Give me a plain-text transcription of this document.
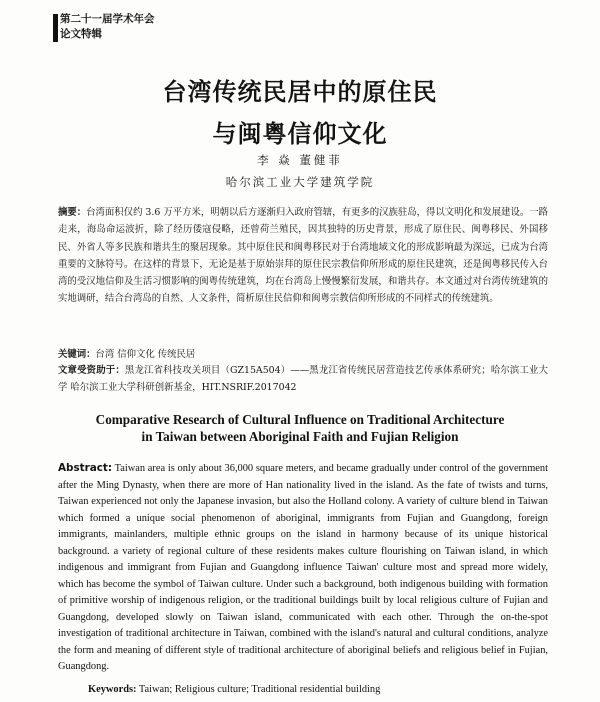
第二十一届学术年会
论文特辑
台湾传统民居中的原住民
与闽粤信仰文化
李 焱 董健菲
哈尔滨工业大学建筑学院
摘要：台湾面积仅约 3.6 万平方米，明朝以后方逐渐归入政府管辖，有更多的汉族驻岛，得以文明化和发展建设。一路走来，海岛命运波折，除了经历倭寇侵略，还曾荷兰殖民，因其独特的历史背景，形成了原住民、闽粤移民、外国移民、外省人等多民族和谐共生的聚居现象。其中原住民和闽粤移民对于台湾地域文化的形成影响最为深远，已成为台湾重要的文脉符号。在这样的背景下，无论是基于原始崇拜的原住民宗教信仰所形成的原住民建筑，还是闽粤移民传入台湾的受汉地信仰及生活习惯影响的闽粤传统建筑，均在台湾岛上慢慢繁衍发展，和谐共存。本文通过对台湾传统建筑的实地调研，结合台湾岛的自然、人文条件，简析原住民信仰和闽粤宗教信仰所形成的不同样式的传统建筑。
关键词：台湾 信仰文化 传统民居
文章受资助于：黑龙江省科技攻关项目（GZ15A504）——黑龙江省传统民居营造技艺传承体系研究；哈尔滨工业大学 哈尔滨工业大学科研创新基金，HIT.NSRIF.2017042
Comparative Research of Cultural Influence on Traditional Architecture
in Taiwan between Aboriginal Faith and Fujian Religion
Abstract: Taiwan area is only about 36,000 square meters, and became gradually under control of the government after the Ming Dynasty, when there are more of Han nationality lived in the island. As the fate of twists and turns, Taiwan experienced not only the Japanese invasion, but also the Holland colony. A variety of culture blend in Taiwan which formed a unique social phenomenon of aboriginal, immigrants from Fujian and Guangdong, foreign immigrants, mainlanders, multiple ethnic groups on the island in harmony because of its unique historical background. a variety of regional culture of these residents makes culture flourishing on Taiwan island, in which indigenous and immigrant from Fujian and Guangdong influence Taiwan' culture most and spread more widely, which has become the symbol of Taiwan culture. Under such a background, both indigenous building with formation of primitive worship of indigenous religion, or the traditional buildings built by local religious culture of Fujian and Guangdong, developed slowly on Taiwan island, communicated with each other. Through the on-the-spot investigation of traditional architecture in Taiwan, combined with the island's natural and cultural conditions, analyze the form and meaning of different style of traditional architecture of aboriginal beliefs and religious belief in Fujian, Guangdong.
Keywords: Taiwan; Religious culture; Traditional residential building
